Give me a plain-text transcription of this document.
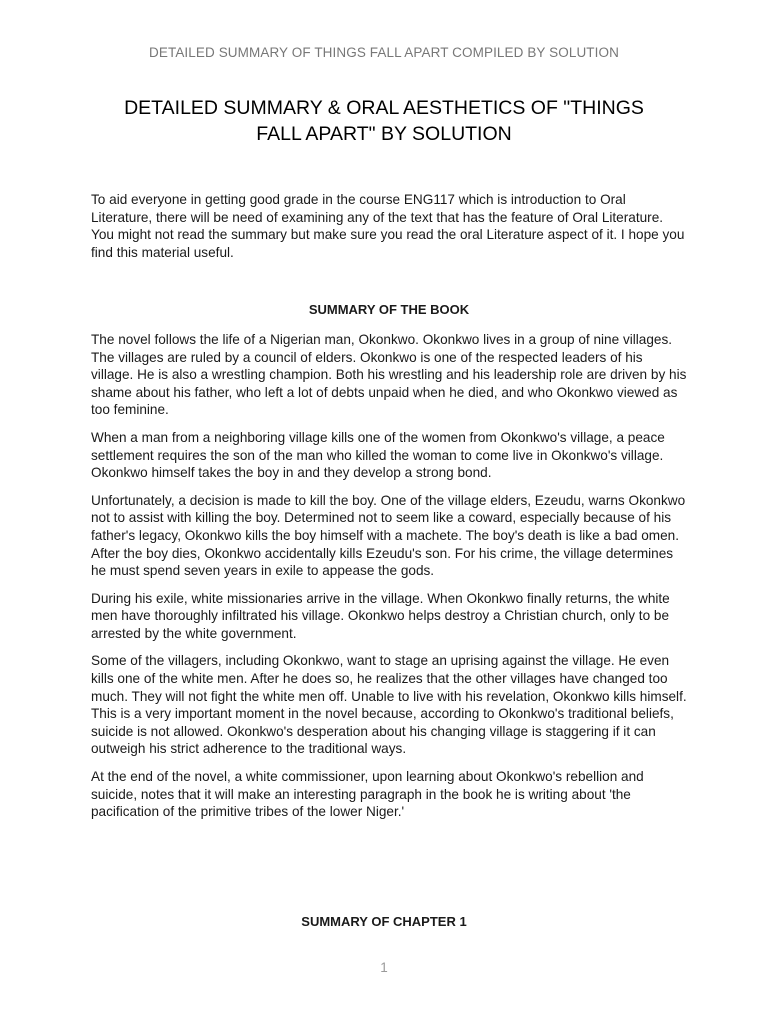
DETAILED SUMMARY OF THINGS FALL APART COMPILED BY SOLUTION
DETAILED SUMMARY & ORAL AESTHETICS OF "THINGS FALL APART" BY SOLUTION

To aid everyone in getting good grade in the course ENG117 which is introduction to Oral Literature, there will be need of examining any of the text that has the feature of Oral Literature. You might not read the summary but make sure you read the oral Literature aspect of it. I hope you find this material useful.

SUMMARY OF THE BOOK

The novel follows the life of a Nigerian man, Okonkwo. Okonkwo lives in a group of nine villages. The villages are ruled by a council of elders. Okonkwo is one of the respected leaders of his village. He is also a wrestling champion. Both his wrestling and his leadership role are driven by his shame about his father, who left a lot of debts unpaid when he died, and who Okonkwo viewed as too feminine.

When a man from a neighboring village kills one of the women from Okonkwo's village, a peace settlement requires the son of the man who killed the woman to come live in Okonkwo's village. Okonkwo himself takes the boy in and they develop a strong bond.

Unfortunately, a decision is made to kill the boy. One of the village elders, Ezeudu, warns Okonkwo not to assist with killing the boy. Determined not to seem like a coward, especially because of his father's legacy, Okonkwo kills the boy himself with a machete. The boy's death is like a bad omen. After the boy dies, Okonkwo accidentally kills Ezeudu's son. For his crime, the village determines he must spend seven years in exile to appease the gods.

During his exile, white missionaries arrive in the village. When Okonkwo finally returns, the white men have thoroughly infiltrated his village. Okonkwo helps destroy a Christian church, only to be arrested by the white government.

Some of the villagers, including Okonkwo, want to stage an uprising against the village. He even kills one of the white men. After he does so, he realizes that the other villages have changed too much. They will not fight the white men off. Unable to live with his revelation, Okonkwo kills himself. This is a very important moment in the novel because, according to Okonkwo's traditional beliefs, suicide is not allowed. Okonkwo's desperation about his changing village is staggering if it can outweigh his strict adherence to the traditional ways.

At the end of the novel, a white commissioner, upon learning about Okonkwo's rebellion and suicide, notes that it will make an interesting paragraph in the book he is writing about 'the pacification of the primitive tribes of the lower Niger.'

SUMMARY OF CHAPTER 1
1
